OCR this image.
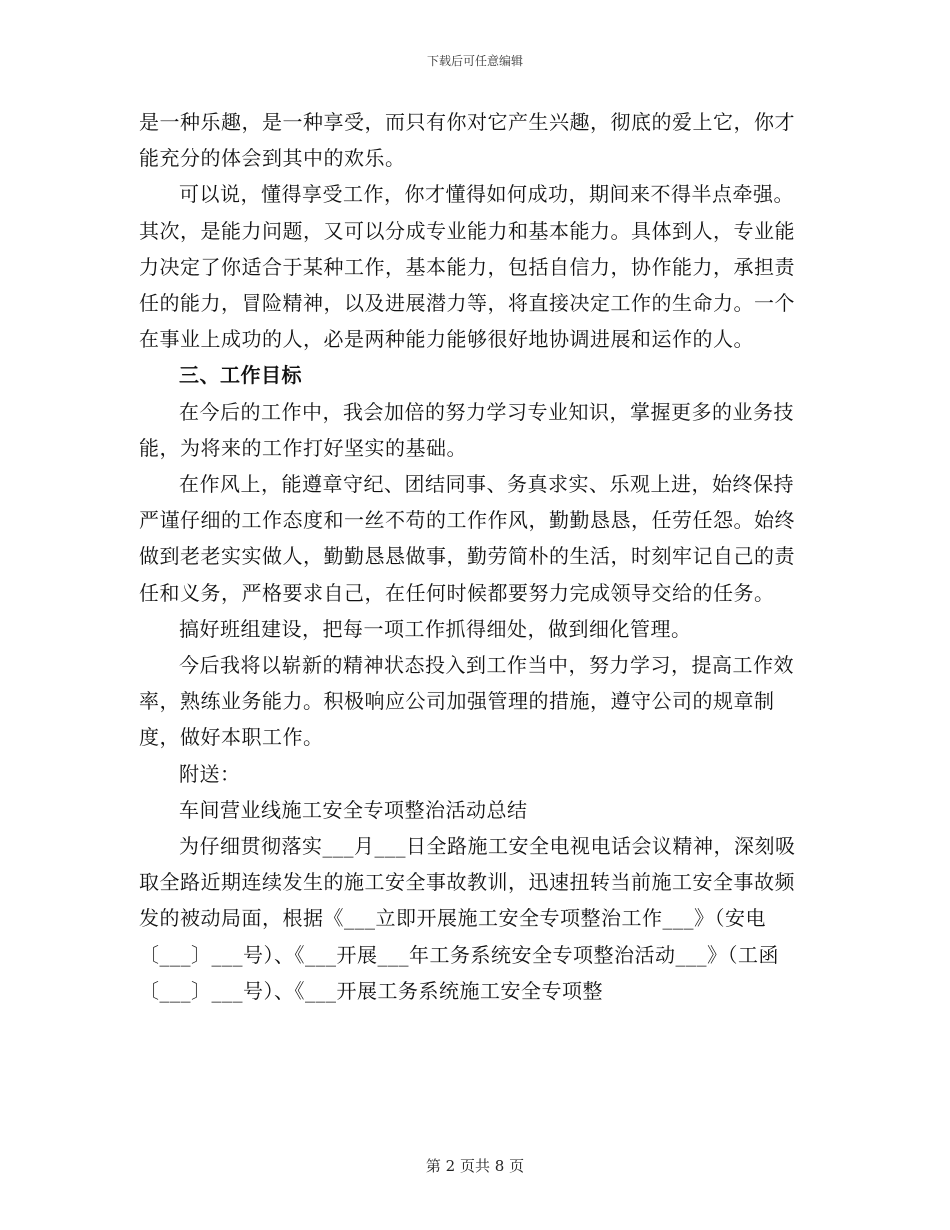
下载后可任意编辑

是一种乐趣，是一种享受，而只有你对它产生兴趣，彻底的爱上它，你才能充分的体会到其中的欢乐。

可以说，懂得享受工作，你才懂得如何成功，期间来不得半点牵强。其次，是能力问题，又可以分成专业能力和基本能力。具体到人，专业能力决定了你适合于某种工作，基本能力，包括自信力，协作能力，承担责任的能力，冒险精神，以及进展潜力等，将直接决定工作的生命力。一个在事业上成功的人，必是两种能力能够很好地协调进展和运作的人。

三、工作目标

在今后的工作中，我会加倍的努力学习专业知识，掌握更多的业务技能，为将来的工作打好坚实的基础。

在作风上，能遵章守纪、团结同事、务真求实、乐观上进，始终保持严谨仔细的工作态度和一丝不苟的工作作风，勤勤恳恳，任劳任怨。始终做到老老实实做人，勤勤恳恳做事，勤劳简朴的生活，时刻牢记自己的责任和义务，严格要求自己，在任何时候都要努力完成领导交给的任务。

搞好班组建设，把每一项工作抓得细处，做到细化管理。

今后我将以崭新的精神状态投入到工作当中，努力学习，提高工作效率，熟练业务能力。积极响应公司加强管理的措施，遵守公司的规章制度，做好本职工作。

附送：

车间营业线施工安全专项整治活动总结

为仔细贯彻落实___月___日全路施工安全电视电话会议精神，深刻吸取全路近期连续发生的施工安全事故教训，迅速扭转当前施工安全事故频发的被动局面，根据《___立即开展施工安全专项整治工作___》（安电〔___〕___号）、《___开展___年工务系统安全专项整治活动___》（工函〔___〕___号）、《___开展工务系统施工安全专项整

第 2 页共 8 页
